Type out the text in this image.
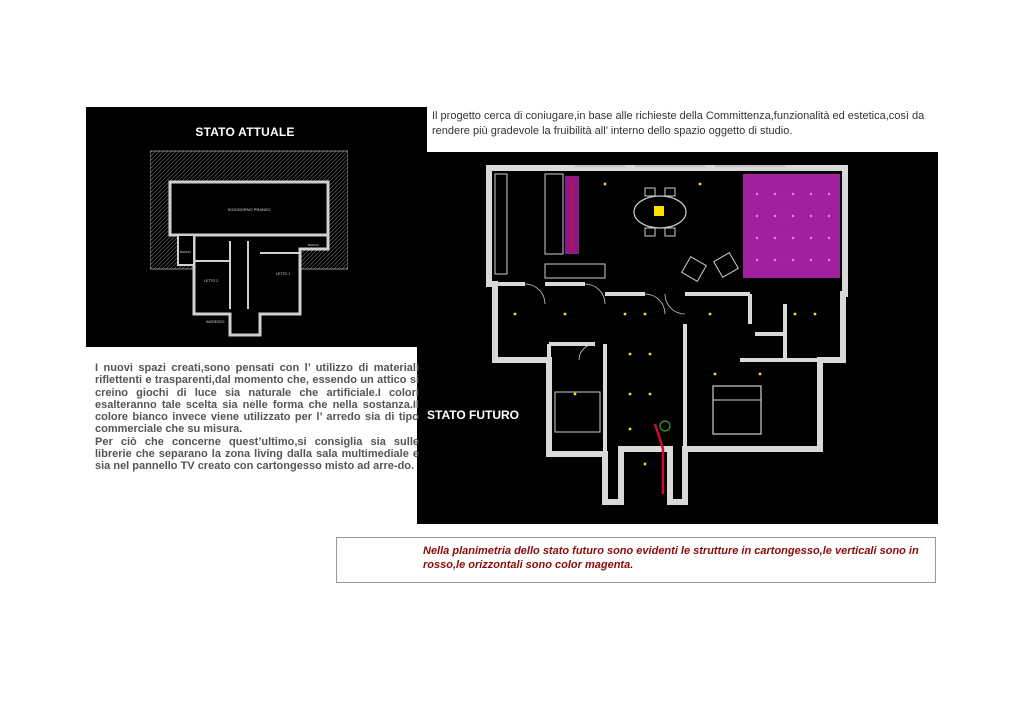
STATO ATTUALE
SOGGIORNO PRANZO
BAGNO
BAGNO
LETTO 2
LETTO 1
INGRESSO
Il progetto cerca di coniugare,in base alle richieste della Committenza,funzionalità ed estetica,così da rendere più gradevole la fruibilità all’ interno dello spazio oggetto di studio.
STATO FUTURO
I nuovi spazi creati,sono pensati con l’ utilizzo di materiali riflettenti e trasparenti,dal momento che, essendo un attico si creino giochi di luce sia naturale che artificiale.I colori esalteranno tale scelta sia nelle forma che nella sostanza.Il colore bianco invece viene utilizzato per l’ arredo sia di tipo commerciale che su misura.
Per ciò che concerne quest’ultimo,si consiglia sia sulle librerie che separano la zona living dalla sala multimediale e sia nel pannello TV creato con cartongesso misto ad arre-do.
Nella planimetria dello stato futuro sono evidenti le strutture in cartongesso,le verticali sono in rosso,le orizzontali sono color magenta.
